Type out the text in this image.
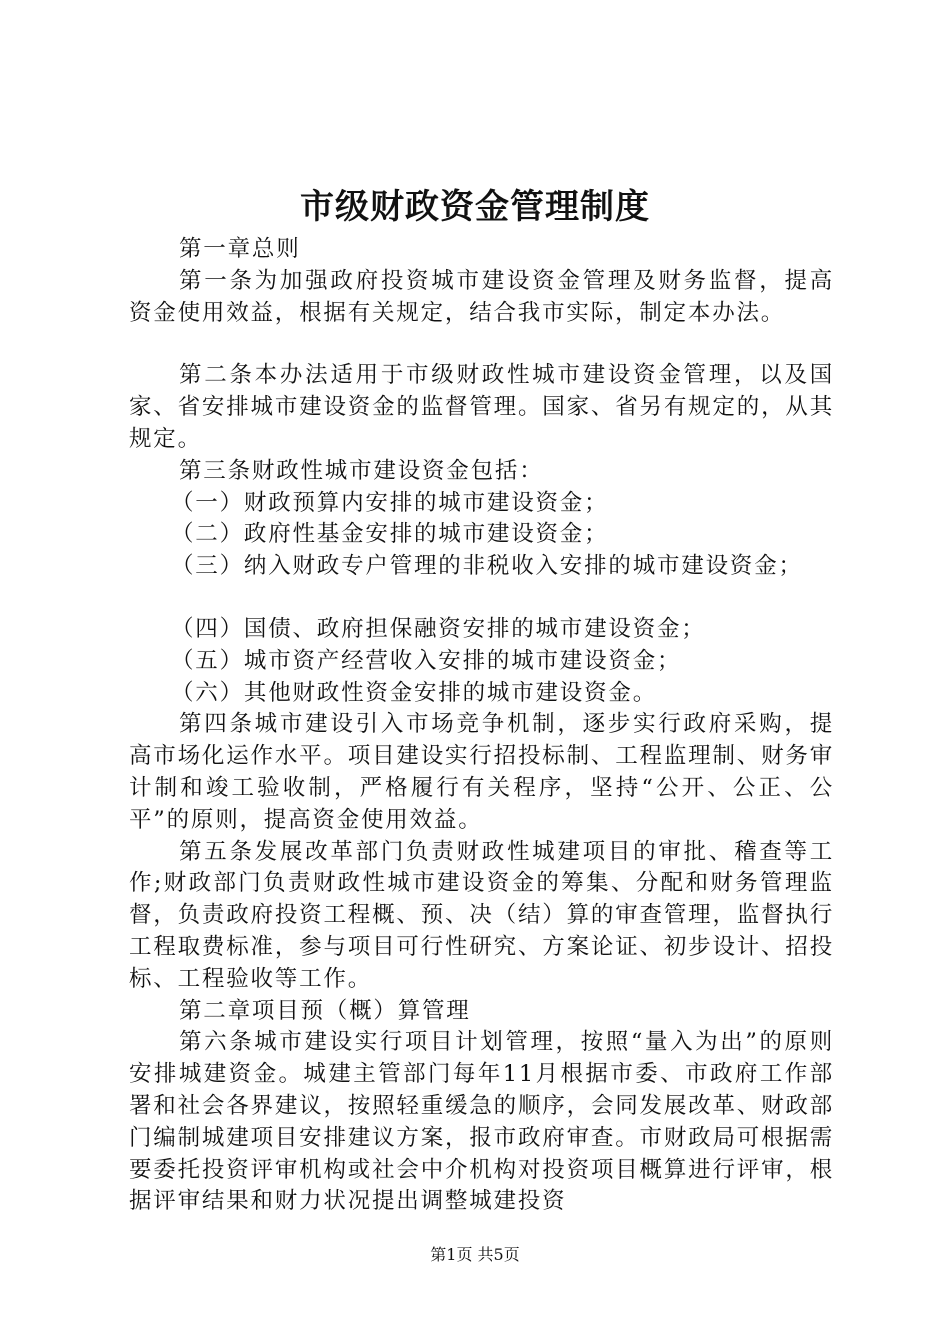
市级财政资金管理制度

第一章总则

第一条为加强政府投资城市建设资金管理及财务监督，提高资金使用效益，根据有关规定，结合我市实际，制定本办法。

第二条本办法适用于市级财政性城市建设资金管理，以及国家、省安排城市建设资金的监督管理。国家、省另有规定的，从其规定。

第三条财政性城市建设资金包括：

（一）财政预算内安排的城市建设资金；

（二）政府性基金安排的城市建设资金；

（三）纳入财政专户管理的非税收入安排的城市建设资金；

（四）国债、政府担保融资安排的城市建设资金；

（五）城市资产经营收入安排的城市建设资金；

（六）其他财政性资金安排的城市建设资金。

第四条城市建设引入市场竞争机制，逐步实行政府采购，提高市场化运作水平。项目建设实行招投标制、工程监理制、财务审计制和竣工验收制，严格履行有关程序，坚持“公开、公正、公平”的原则，提高资金使用效益。

第五条发展改革部门负责财政性城建项目的审批、稽查等工作;财政部门负责财政性城市建设资金的筹集、分配和财务管理监督，负责政府投资工程概、预、决（结）算的审查管理，监督执行工程取费标准，参与项目可行性研究、方案论证、初步设计、招投标、工程验收等工作。

第二章项目预（概）算管理

第六条城市建设实行项目计划管理，按照“量入为出”的原则安排城建资金。城建主管部门每年11月根据市委、市政府工作部署和社会各界建议，按照轻重缓急的顺序，会同发展改革、财政部门编制城建项目安排建议方案，报市政府审查。市财政局可根据需要委托投资评审机构或社会中介机构对投资项目概算进行评审，根据评审结果和财力状况提出调整城建投资

第1页 共5页
